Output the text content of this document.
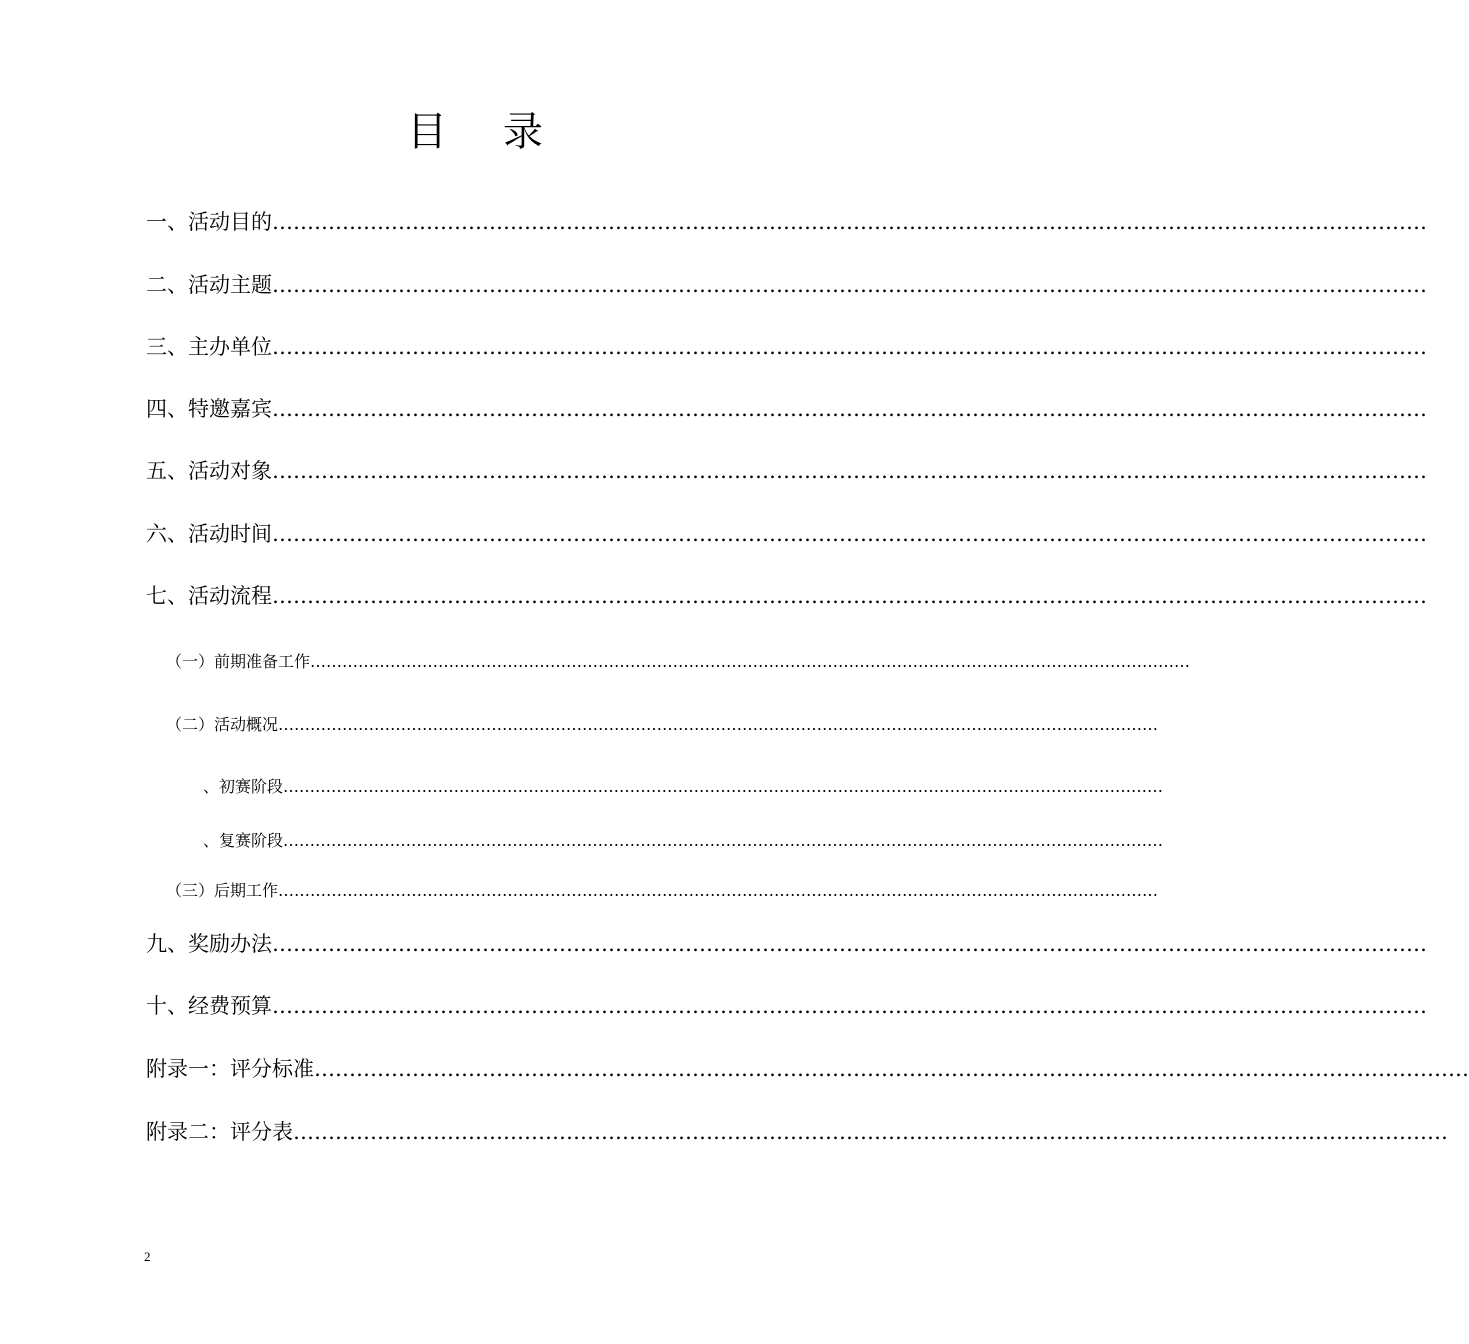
目录
一、活动目的 …………………………………………………………………………………………………………………………………………………
二、活动主题 …………………………………………………………………………………………………………………………………………………
三、主办单位 …………………………………………………………………………………………………………………………………………………
四、特邀嘉宾 …………………………………………………………………………………………………………………………………………………
五、活动对象 …………………………………………………………………………………………………………………………………………………
六、活动时间 …………………………………………………………………………………………………………………………………………………
七、活动流程 …………………………………………………………………………………………………………………………………………………
（一）前期准备工作 …………………………………………………………………………………………………………………………………………………
（二）活动概况 …………………………………………………………………………………………………………………………………………………
、初赛阶段 …………………………………………………………………………………………………………………………………………………
、复赛阶段 …………………………………………………………………………………………………………………………………………………
（三）后期工作 …………………………………………………………………………………………………………………………………………………
九、奖励办法 …………………………………………………………………………………………………………………………………………………
十、经费预算 …………………………………………………………………………………………………………………………………………………
附录一：评分标准 …………………………………………………………………………………………………………………………………………………
附录二：评分表 …………………………………………………………………………………………………………………………………………………
2
